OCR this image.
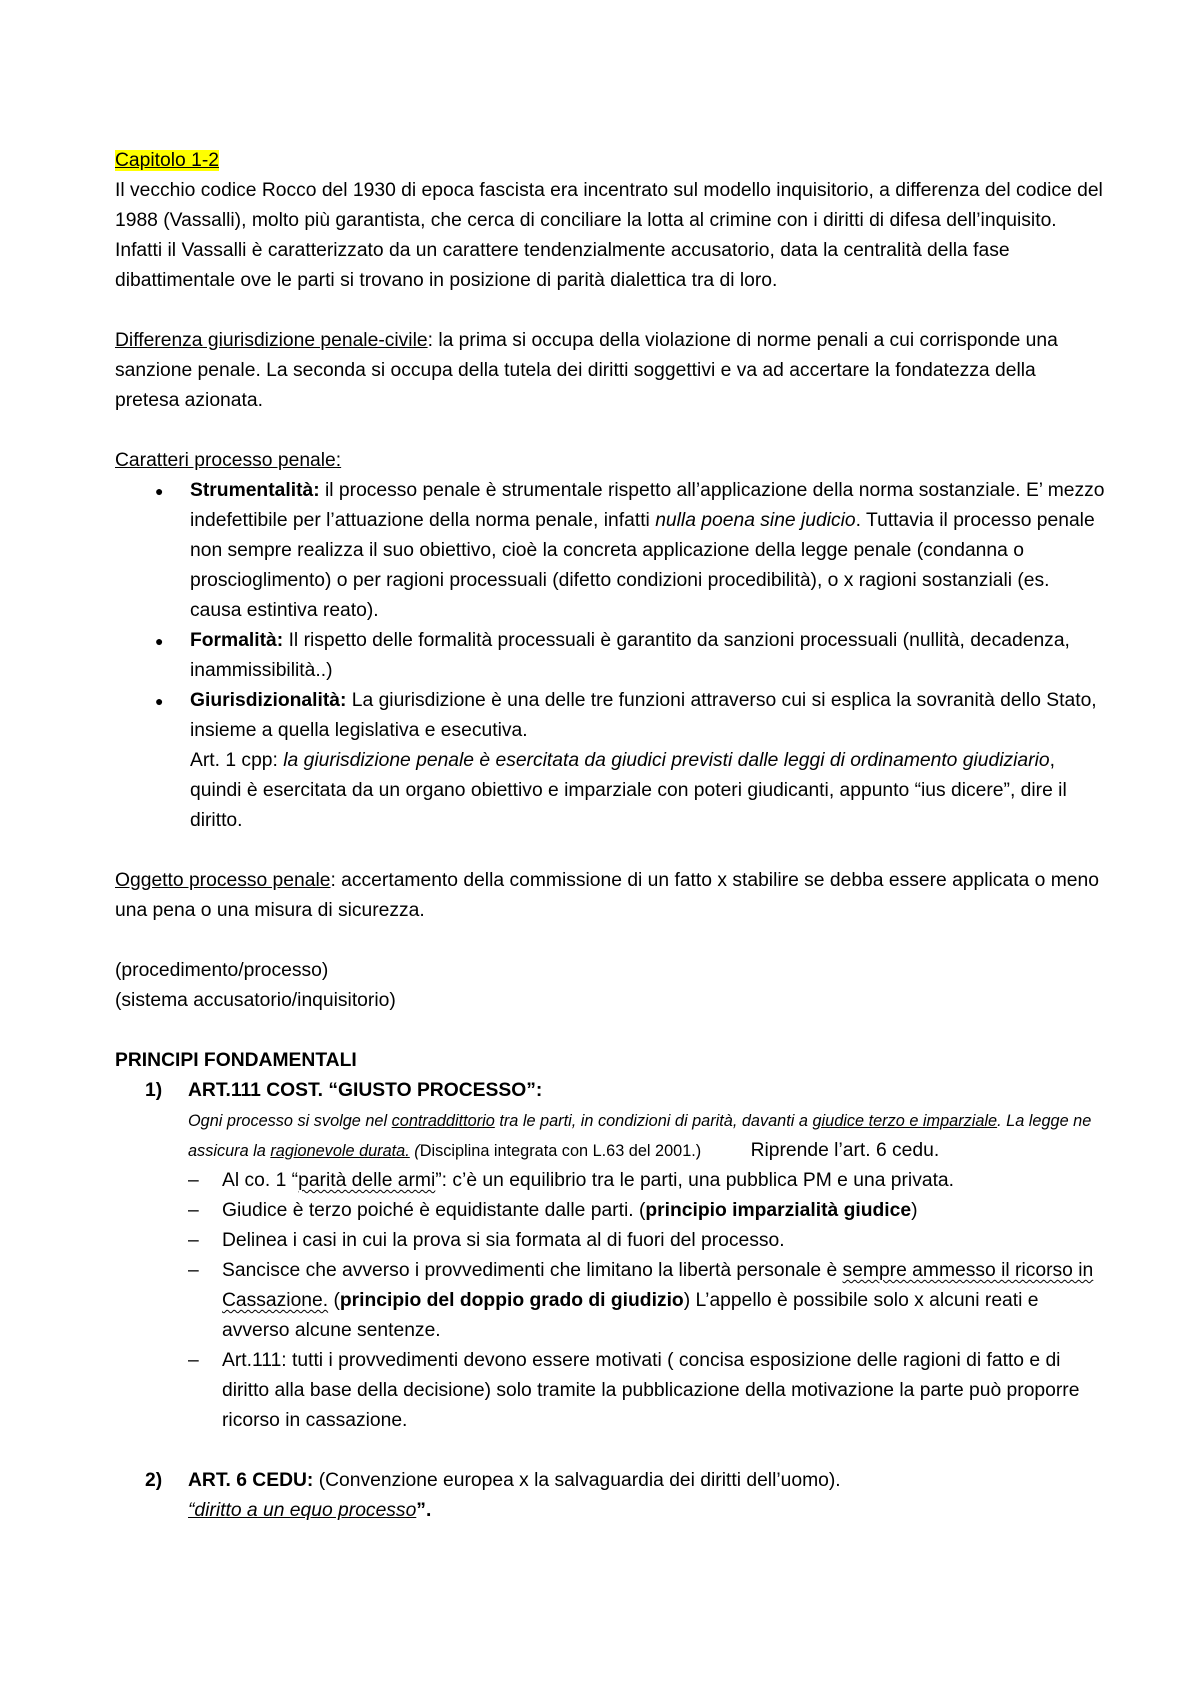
Capitolo 1-2

Il vecchio codice Rocco del 1930 di epoca fascista era incentrato sul modello inquisitorio, a differenza del codice del 1988 (Vassalli), molto più garantista, che cerca di conciliare la lotta al crimine con i diritti di difesa dell’inquisito. Infatti il Vassalli è caratterizzato da un carattere tendenzialmente accusatorio, data la centralità della fase dibattimentale ove le parti si trovano in posizione di parità dialettica tra di loro.

Differenza giurisdizione penale-civile: la prima si occupa della violazione di norme penali a cui corrisponde una sanzione penale. La seconda si occupa della tutela dei diritti soggettivi e va ad accertare la fondatezza della pretesa azionata.

Caratteri processo penale:

● Strumentalità: il processo penale è strumentale rispetto all’applicazione della norma sostanziale. E’ mezzo indefettibile per l’attuazione della norma penale, infatti nulla poena sine judicio. Tuttavia il processo penale non sempre realizza il suo obiettivo, cioè la concreta applicazione della legge penale (condanna o proscioglimento) o per ragioni processuali (difetto condizioni procedibilità), o x ragioni sostanziali (es. causa estintiva reato).
● Formalità: Il rispetto delle formalità processuali è garantito da sanzioni processuali (nullità, decadenza, inammissibilità..)
● Giurisdizionalità: La giurisdizione è una delle tre funzioni attraverso cui si esplica la sovranità dello Stato, insieme a quella legislativa e esecutiva.
Art. 1 cpp: la giurisdizione penale è esercitata da giudici previsti dalle leggi di ordinamento giudiziario, quindi è esercitata da un organo obiettivo e imparziale con poteri giudicanti, appunto “ius dicere”, dire il diritto.

Oggetto processo penale: accertamento della commissione di un fatto x stabilire se debba essere applicata o meno una pena o una misura di sicurezza.

(procedimento/processo)

(sistema accusatorio/inquisitorio)

PRINCIPI FONDAMENTALI

1) ART.111 COST. “GIUSTO PROCESSO”:
Ogni processo si svolge nel contraddittorio tra le parti, in condizioni di parità, davanti a giudice terzo e imparziale. La legge ne assicura la ragionevole durata. (Disciplina integrata con L.63 del 2001.)	Riprende l’art. 6 cedu.
– Al co. 1 “parità delle armi”: c’è un equilibrio tra le parti, una pubblica PM e una privata.
– Giudice è terzo poiché è equidistante dalle parti. (principio imparzialità giudice)
– Delinea i casi in cui la prova si sia formata al di fuori del processo.
– Sancisce che avverso i provvedimenti che limitano la libertà personale è sempre ammesso il ricorso in Cassazione. (principio del doppio grado di giudizio) L’appello è possibile solo x alcuni reati e avverso alcune sentenze.
– Art.111: tutti i provvedimenti devono essere motivati ( concisa esposizione delle ragioni di fatto e di diritto alla base della decisione) solo tramite la pubblicazione della motivazione la parte può proporre ricorso in cassazione.
2) ART. 6 CEDU: (Convenzione europea x la salvaguardia dei diritti dell’uomo).
“diritto a un equo processo”.
